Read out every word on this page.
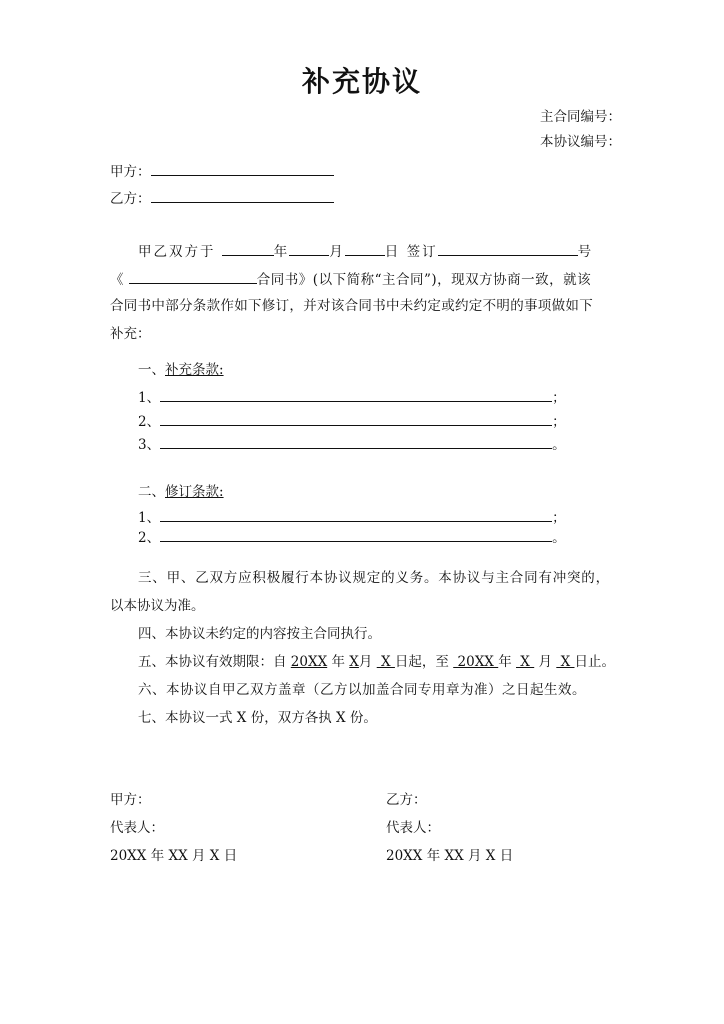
补充协议
主合同编号：
本协议编号：
甲方：
乙方：
甲乙双方于	年	月	日 签订	号
《	合同书》(以下简称“主合同”)，现双方协商一致，就该
合同书中部分条款作如下修订，并对该合同书中未约定或约定不明的事项做如下
补充：
一、补充条款:
1、	；
2、	；
3、	。
二、修订条款:
1、	；
2、	。
三、甲、乙双方应积极履行本协议规定的义务。本协议与主合同有冲突的，
以本协议为准。
四、本协议未约定的内容按主合同执行。
五、本协议有效期限：自 20XX 年 X月  X 日起，至  20XX 年  X  月  X 日止。
六、本协议自甲乙双方盖章（乙方以加盖合同专用章为准）之日起生效。
七、本协议一式 X 份，双方各执 X 份。
甲方：
代表人：
20XX 年 XX 月 X 日
乙方：
代表人：
20XX 年 XX 月 X 日
